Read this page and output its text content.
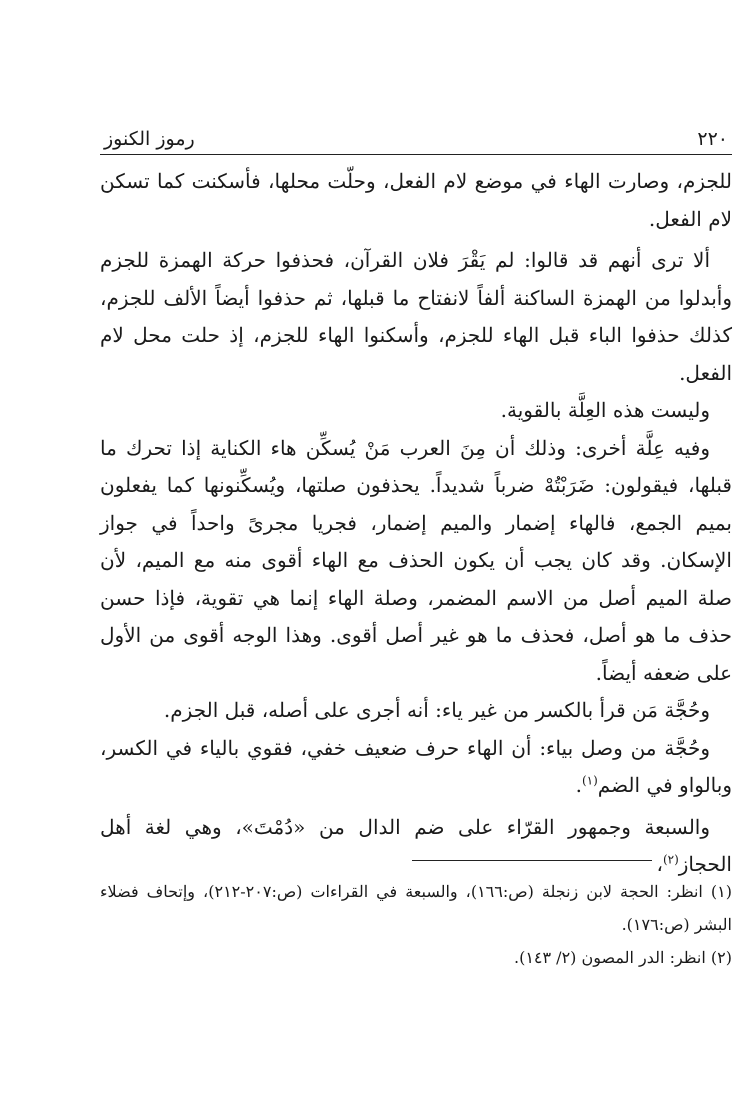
رموز الكنوز	٢٢٠

للجزم، وصارت الهاء في موضع لام الفعل، وحلّت محلها، فأسكنت كما تسكن لام الفعل.

ألا ترى أنهم قد قالوا: لم يَقْرَ فلان القرآن، فحذفوا حركة الهمزة للجزم وأبدلوا من الهمزة الساكنة ألفاً لانفتاح ما قبلها، ثم حذفوا أيضاً الألف للجزم، كذلك حذفوا الباء قبل الهاء للجزم، وأسكنوا الهاء للجزم، إذ حلت محل لام الفعل.

وليست هذه العِلَّة بالقوية.

وفيه عِلَّة أخرى: وذلك أن مِنَ العرب مَنْ يُسكِّن هاء الكناية إذا تحرك ما قبلها، فيقولون: ضَرَبْتُهْ ضرباً شديداً. يحذفون صلتها، ويُسكِّنونها كما يفعلون بميم الجمع، فالهاء إضمار والميم إضمار، فجريا مجرىً واحداً في جواز الإسكان. وقد كان يجب أن يكون الحذف مع الهاء أقوى منه مع الميم، لأن صلة الميم أصل من الاسم المضمر، وصلة الهاء إنما هي تقوية، فإذا حسن حذف ما هو أصل، فحذف ما هو غير أصل أقوى. وهذا الوجه أقوى من الأول على ضعفه أيضاً.

وحُجَّة مَن قرأ بالكسر من غير ياء: أنه أجرى على أصله، قبل الجزم.

وحُجَّة من وصل بياء: أن الهاء حرف ضعيف خفي، فقوي بالياء في الكسر، وبالواو في الضم$^{(١)}$.

والسبعة وجمهور القرّاء على ضم الدال من «دُمْتَ»، وهي لغة أهل الحجاز$^{(٢)}$،

(١) انظر: الحجة لابن زنجلة (ص:١٦٦)، والسبعة في القراءات (ص:٢٠٧-٢١٢)، وإتحاف فضلاء البشر (ص:١٧٦).

(٢) انظر: الدر المصون (٢/ ١٤٣).
